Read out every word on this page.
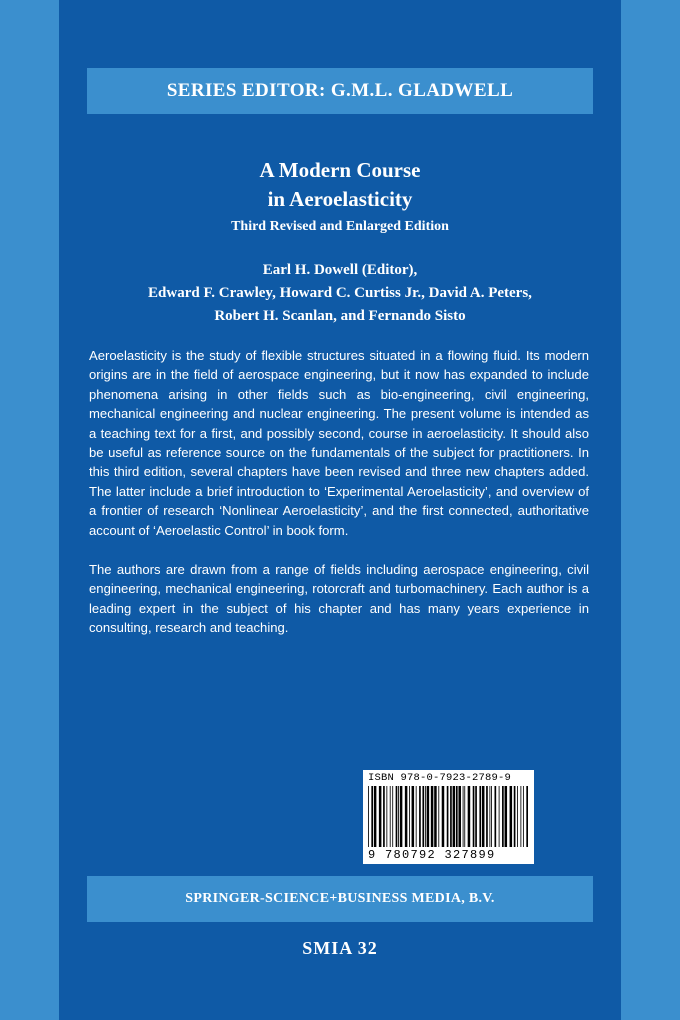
SERIES EDITOR: G.M.L. GLADWELL
A Modern Course
in Aeroelasticity
Third Revised and Enlarged Edition
Earl H. Dowell (Editor),
Edward F. Crawley, Howard C. Curtiss Jr., David A. Peters,
Robert H. Scanlan, and Fernando Sisto

Aeroelasticity is the study of flexible structures situated in a flowing fluid. Its modern origins are in the field of aerospace engineering, but it now has expanded to include phenomena arising in other fields such as bio-engineering, civil engineering, mechanical engineering and nuclear engineering. The present volume is intended as a teaching text for a first, and possibly second, course in aeroelasticity. It should also be useful as reference source on the fundamentals of the subject for practitioners. In this third edition, several chapters have been revised and three new chapters added. The latter include a brief introduction to ‘Experimental Aeroelasticity’, and overview of a frontier of research ‘Nonlinear Aeroelasticity’, and the first connected, authoritative account of ‘Aeroelastic Control’ in book form.

The authors are drawn from a range of fields including aerospace engineering, civil engineering, mechanical engineering, rotorcraft and turbomachinery. Each author is a leading expert in the subject of his chapter and has many years experience in consulting, research and teaching.

ISBN 978-0-7923-2789-9
9 780792 327899
SPRINGER-SCIENCE+BUSINESS MEDIA, B.V.
SMIA 32
